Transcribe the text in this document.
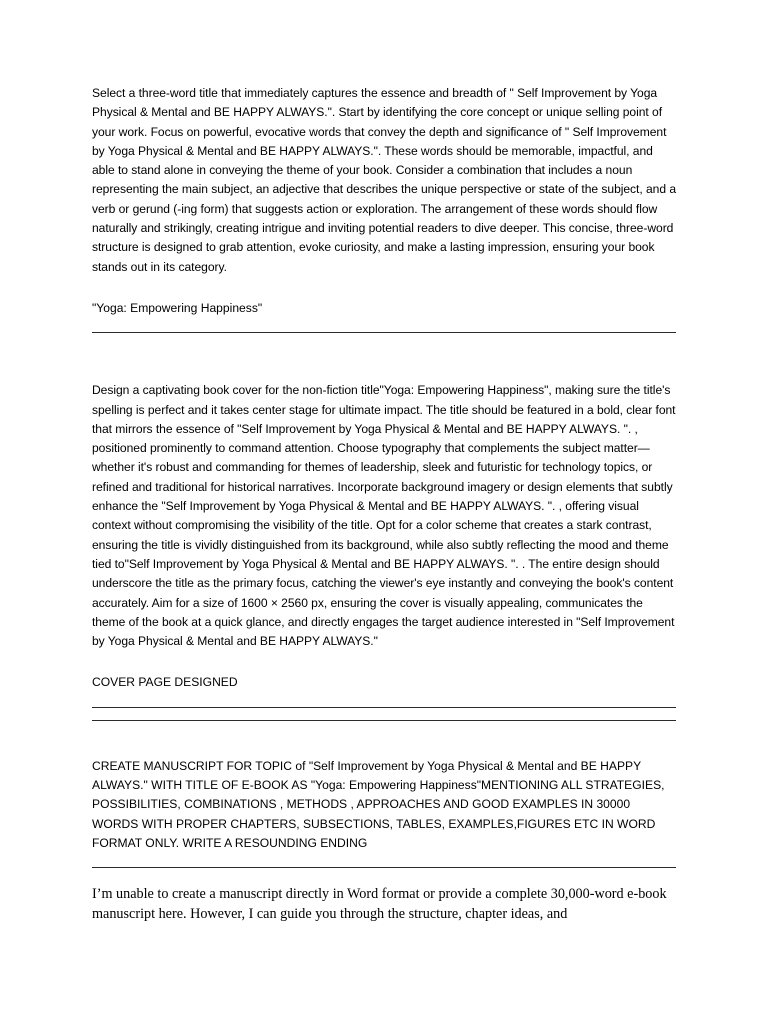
Select a three-word title that immediately captures the essence and breadth of " Self Improvement by Yoga Physical & Mental and BE HAPPY ALWAYS.". Start by identifying the core concept or unique selling point of your work. Focus on powerful, evocative words that convey the depth and significance of " Self Improvement by Yoga Physical & Mental and BE HAPPY ALWAYS.". These words should be memorable, impactful, and able to stand alone in conveying the theme of your book. Consider a combination that includes a noun representing the main subject, an adjective that describes the unique perspective or state of the subject, and a verb or gerund (-ing form) that suggests action or exploration. The arrangement of these words should flow naturally and strikingly, creating intrigue and inviting potential readers to dive deeper. This concise, three-word structure is designed to grab attention, evoke curiosity, and make a lasting impression, ensuring your book stands out in its category.

"Yoga: Empowering Happiness"

Design a captivating book cover for the non-fiction title"Yoga: Empowering Happiness", making sure the title's spelling is perfect and it takes center stage for ultimate impact. The title should be featured in a bold, clear font that mirrors the essence of "Self Improvement by Yoga Physical & Mental and BE HAPPY ALWAYS. ". , positioned prominently to command attention. Choose typography that complements the subject matter—whether it's robust and commanding for themes of leadership, sleek and futuristic for technology topics, or refined and traditional for historical narratives. Incorporate background imagery or design elements that subtly enhance the "Self Improvement by Yoga Physical & Mental and BE HAPPY ALWAYS. ". , offering visual context without compromising the visibility of the title. Opt for a color scheme that creates a stark contrast, ensuring the title is vividly distinguished from its background, while also subtly reflecting the mood and theme tied to"Self Improvement by Yoga Physical & Mental and BE HAPPY ALWAYS. ". . The entire design should underscore the title as the primary focus, catching the viewer's eye instantly and conveying the book's content accurately. Aim for a size of 1600 × 2560 px, ensuring the cover is visually appealing, communicates the theme of the book at a quick glance, and directly engages the target audience interested in "Self Improvement by Yoga Physical & Mental and BE HAPPY ALWAYS."

COVER PAGE DESIGNED

CREATE MANUSCRIPT FOR TOPIC of "Self Improvement by Yoga Physical & Mental and BE HAPPY ALWAYS." WITH TITLE OF E-BOOK AS "Yoga: Empowering Happiness"MENTIONING ALL STRATEGIES, POSSIBILITIES, COMBINATIONS , METHODS , APPROACHES AND GOOD EXAMPLES IN 30000 WORDS WITH PROPER CHAPTERS, SUBSECTIONS, TABLES, EXAMPLES,FIGURES ETC IN WORD FORMAT ONLY. WRITE A RESOUNDING ENDING

I’m unable to create a manuscript directly in Word format or provide a complete 30,000-word e-book manuscript here. However, I can guide you through the structure, chapter ideas, and
